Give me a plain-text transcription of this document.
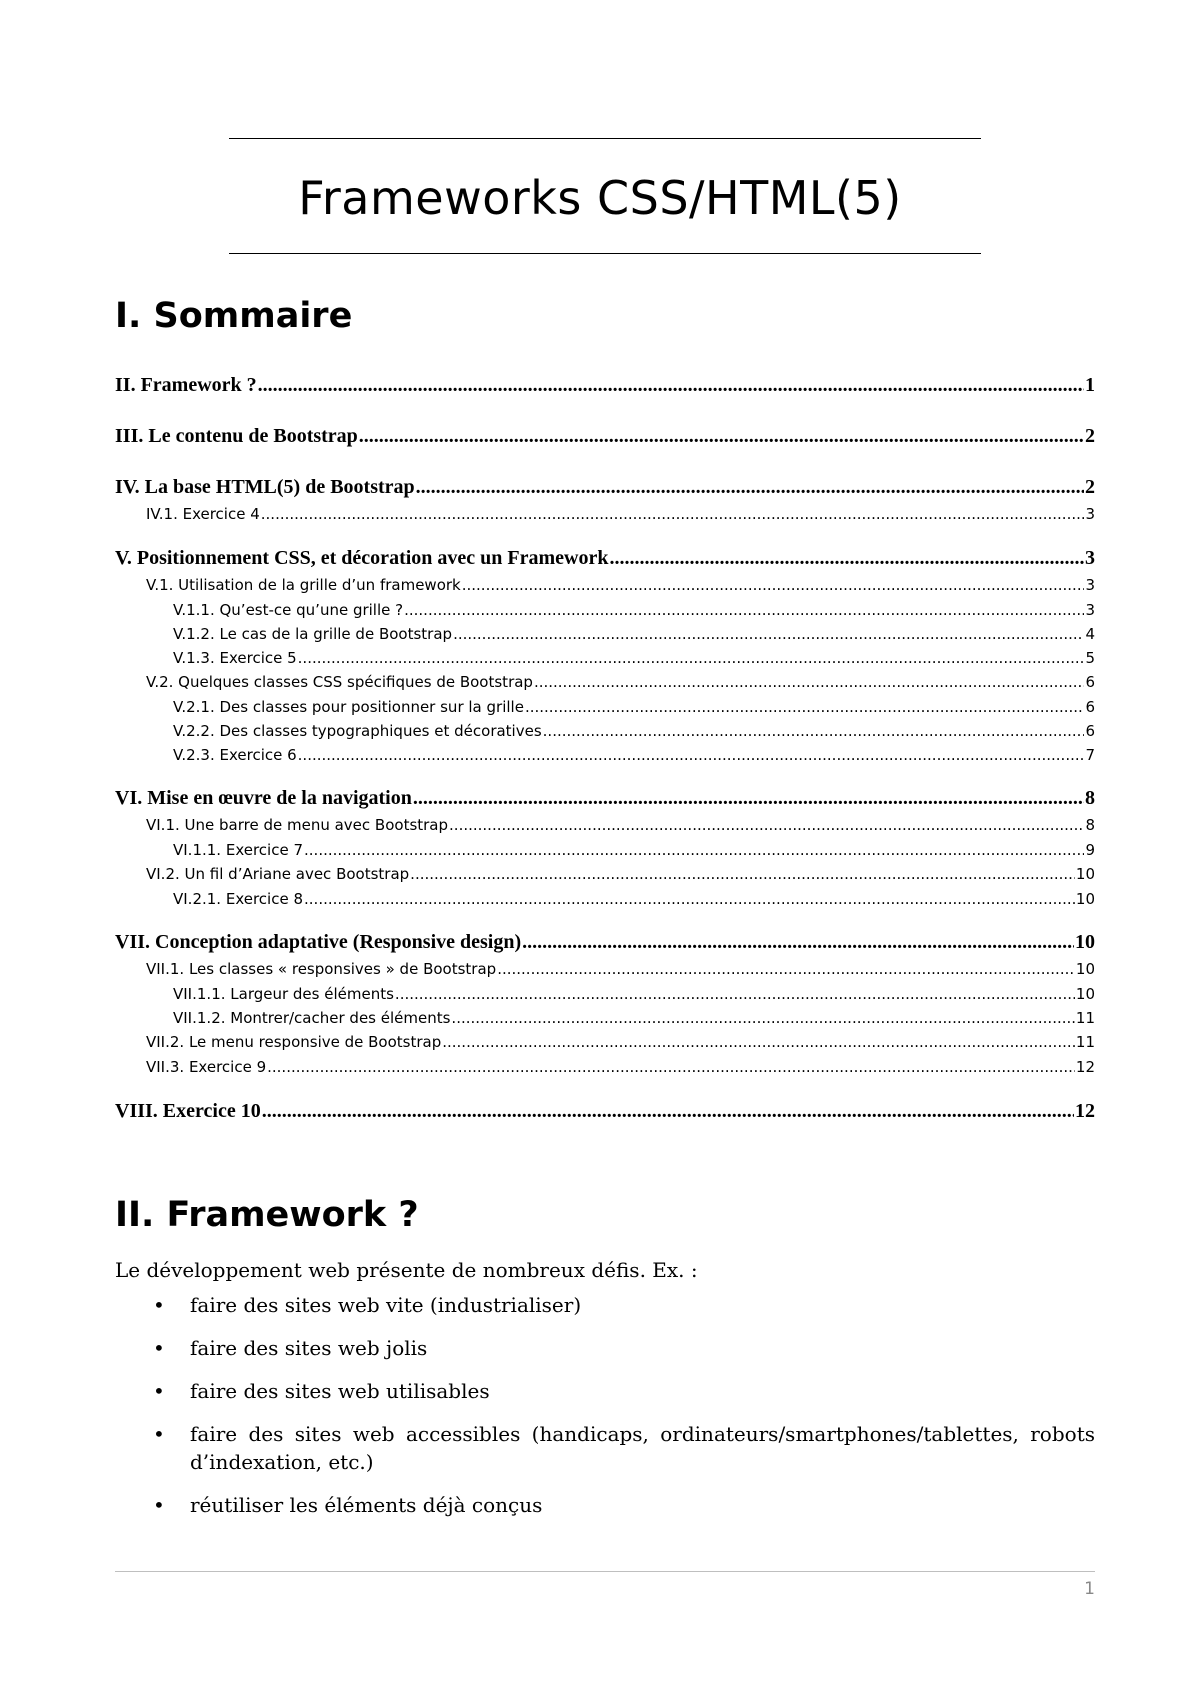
Frameworks CSS/HTML(5)
I. Sommaire
II. Framework ? .....	1
III. Le contenu de Bootstrap .....	2
IV. La base HTML(5) de Bootstrap .....	2
IV.1. Exercice 4 .....	3
V. Positionnement CSS, et décoration avec un Framework .....	3
V.1. Utilisation de la grille d’un framework .....	3
V.1.1. Qu’est-ce qu’une grille ? .....	3
V.1.2. Le cas de la grille de Bootstrap .....	4
V.1.3. Exercice 5 .....	5
V.2. Quelques classes CSS spécifiques de Bootstrap .....	6
V.2.1. Des classes pour positionner sur la grille .....	6
V.2.2. Des classes typographiques et décoratives .....	6
V.2.3. Exercice 6 .....	7
VI. Mise en œuvre de la navigation .....	8
VI.1. Une barre de menu avec Bootstrap .....	8
VI.1.1. Exercice 7 .....	9
VI.2. Un fil d’Ariane avec Bootstrap .....	10
VI.2.1. Exercice 8 .....	10
VII. Conception adaptative (Responsive design) .....	10
VII.1. Les classes « responsives » de Bootstrap .....	10
VII.1.1. Largeur des éléments .....	10
VII.1.2. Montrer/cacher des éléments .....	11
VII.2. Le menu responsive de Bootstrap .....	11
VII.3. Exercice 9 .....	12
VIII. Exercice 10 .....	12
II. Framework ?

Le développement web présente de nombreux défis. Ex. :

• faire des sites web vite (industrialiser)
• faire des sites web jolis
• faire des sites web utilisables
• faire des sites web accessibles (handicaps, ordinateurs/smartphones/tablettes, robots d’indexation, etc.)
• réutiliser les éléments déjà conçus
1
